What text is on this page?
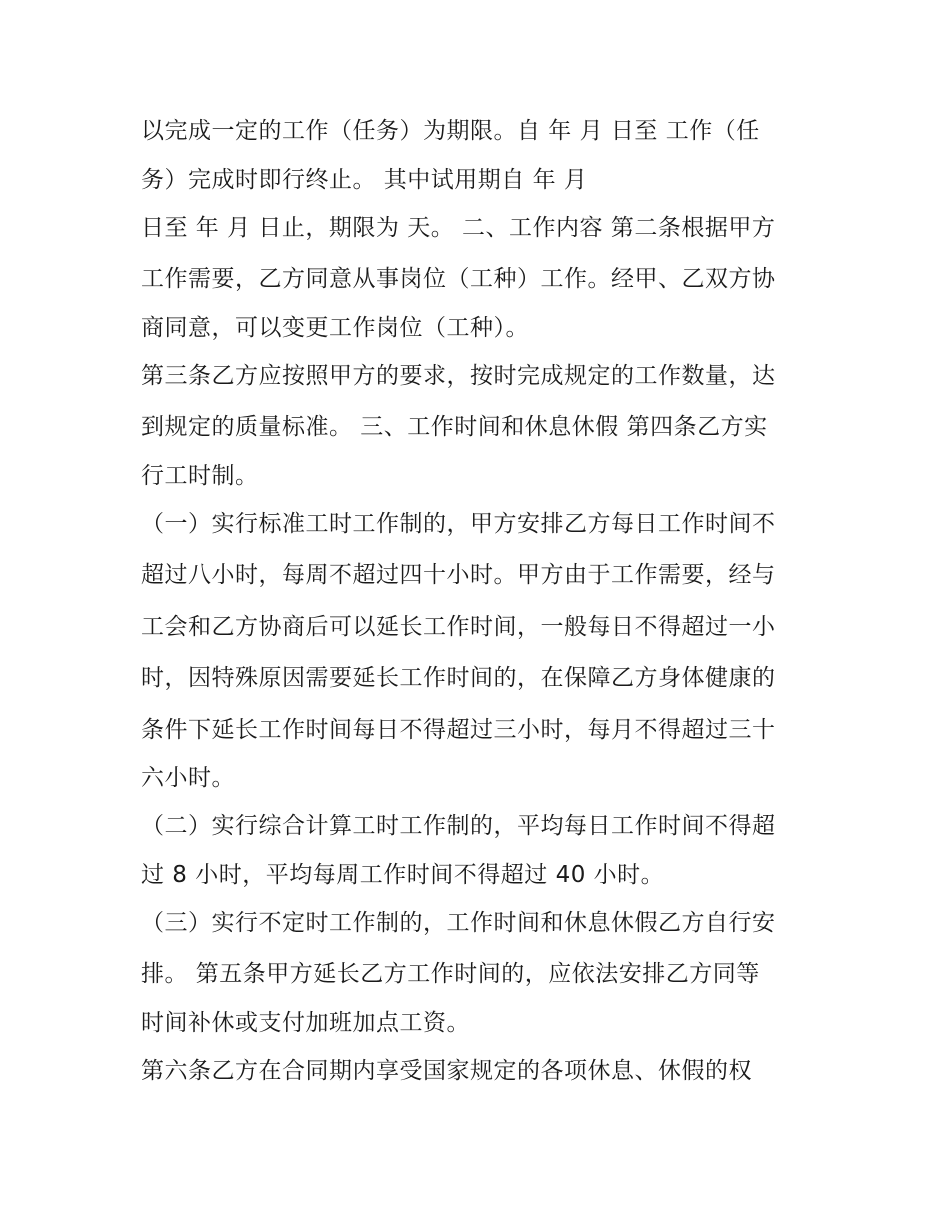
以完成一定的工作（任务）为期限。自 年 月 日至 工作（任
务）完成时即行终止。 其中试用期自 年 月
日至 年 月 日止，期限为 天。 二、工作内容 第二条根据甲方
工作需要，乙方同意从事岗位（工种）工作。经甲、乙双方协
商同意，可以变更工作岗位（工种）。
第三条乙方应按照甲方的要求，按时完成规定的工作数量，达
到规定的质量标准。 三、工作时间和休息休假 第四条乙方实
行工时制。
（一）实行标准工时工作制的，甲方安排乙方每日工作时间不
超过八小时，每周不超过四十小时。甲方由于工作需要，经与
工会和乙方协商后可以延长工作时间，一般每日不得超过一小
时，因特殊原因需要延长工作时间的，在保障乙方身体健康的
条件下延长工作时间每日不得超过三小时，每月不得超过三十
六小时。
（二）实行综合计算工时工作制的，平均每日工作时间不得超
过 8 小时，平均每周工作时间不得超过 40 小时。
（三）实行不定时工作制的，工作时间和休息休假乙方自行安
排。 第五条甲方延长乙方工作时间的，应依法安排乙方同等
时间补休或支付加班加点工资。
第六条乙方在合同期内享受国家规定的各项休息、休假的权
